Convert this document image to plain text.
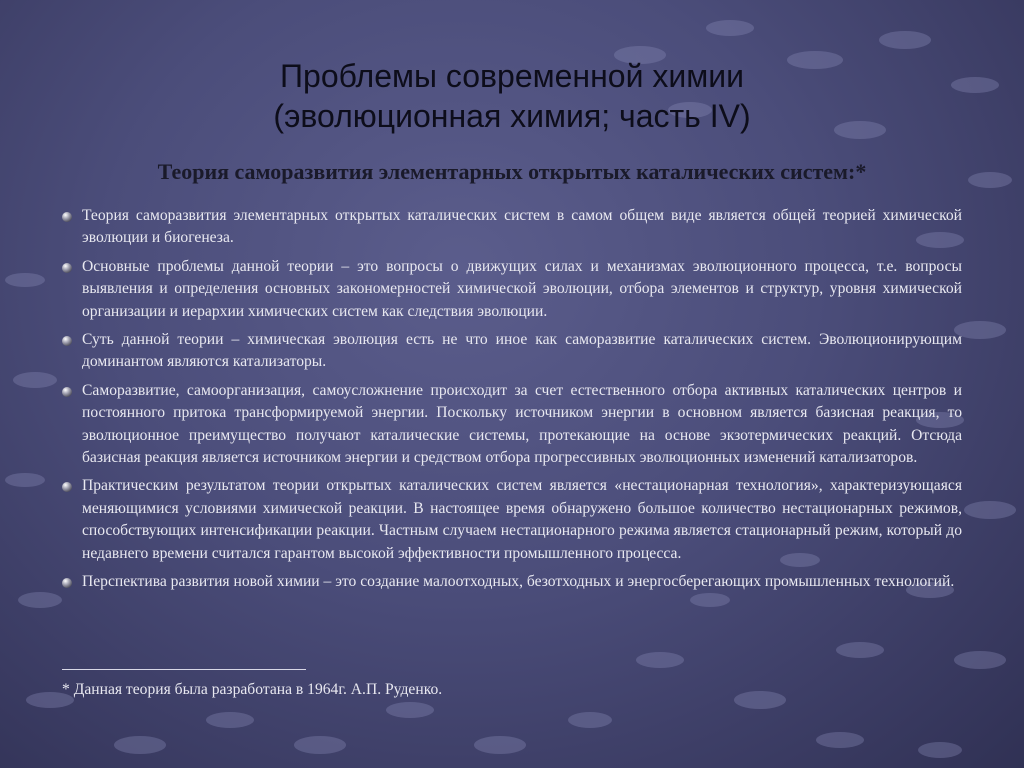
Проблемы современной химии
(эволюционная химия; часть IV)
Теория саморазвития элементарных открытых каталических систем:*
Теория саморазвития элементарных открытых каталических систем в самом общем виде является общей теорией химической эволюции и биогенеза.
Основные проблемы данной теории – это вопросы о движущих силах и механизмах эволюционного процесса, т.е. вопросы выявления и определения основных закономерностей химической эволюции, отбора элементов и структур, уровня химической организации и иерархии химических систем как следствия эволюции.
Суть данной теории – химическая эволюция есть не что иное как саморазвитие каталических систем. Эволюционирующим доминантом являются катализаторы.
Саморазвитие, самоорганизация, самоусложнение происходит за счет естественного отбора активных каталических центров и постоянного притока трансформируемой энергии. Поскольку источником энергии в основном является базисная реакция, то эволюционное преимущество получают каталические системы, протекающие на основе экзотермических реакций. Отсюда базисная реакция является источником энергии и средством отбора прогрессивных эволюционных изменений катализаторов.
Практическим результатом теории открытых каталических систем является «нестационарная технология», характеризующаяся меняющимися условиями химической реакции. В настоящее время обнаружено большое количество нестационарных режимов, способствующих интенсификации реакции. Частным случаем нестационарного режима является стационарный режим, который до недавнего времени считался гарантом высокой эффективности промышленного процесса.
Перспектива развития новой химии – это создание малоотходных, безотходных и энергосберегающих промышленных технологий.
* Данная теория была разработана в 1964г. А.П. Руденко.
